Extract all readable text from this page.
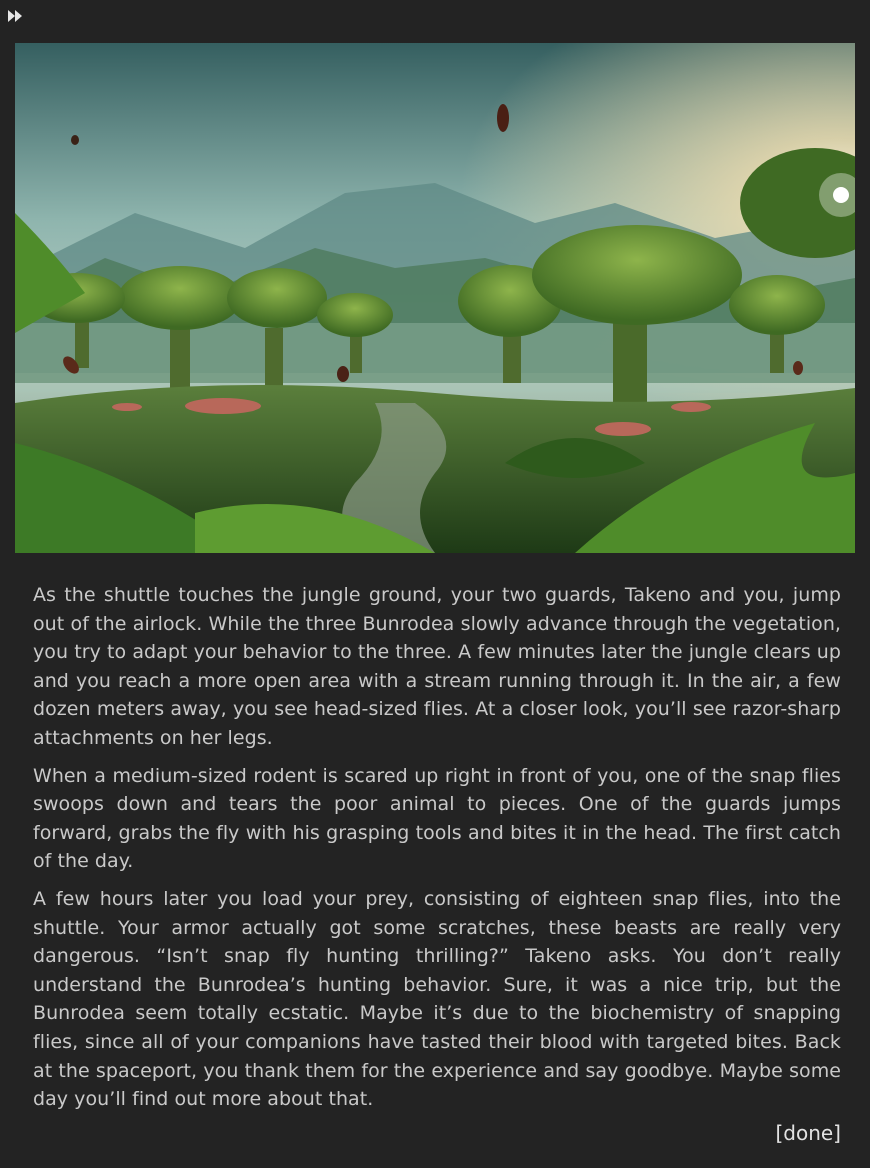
As the shuttle touches the jungle ground, your two guards, Takeno and you, jump out of the airlock. While the three Bunrodea slowly advance through the vegetation, you try to adapt your behavior to the three. A few minutes later the jungle clears up and you reach a more open area with a stream running through it. In the air, a few dozen meters away, you see head-sized flies. At a closer look, you’ll see razor-sharp attachments on her legs.

When a medium-sized rodent is scared up right in front of you, one of the snap flies swoops down and tears the poor animal to pieces. One of the guards jumps forward, grabs the fly with his grasping tools and bites it in the head. The first catch of the day.

A few hours later you load your prey, consisting of eighteen snap flies, into the shuttle. Your armor actually got some scratches, these beasts are really very dangerous. “Isn’t snap fly hunting thrilling?” Takeno asks. You don’t really understand the Bunrodea’s hunting behavior. Sure, it was a nice trip, but the Bunrodea seem totally ecstatic. Maybe it’s due to the biochemistry of snapping flies, since all of your companions have tasted their blood with targeted bites. Back at the spaceport, you thank them for the experience and say goodbye. Maybe some day you’ll find out more about that.

[done]
